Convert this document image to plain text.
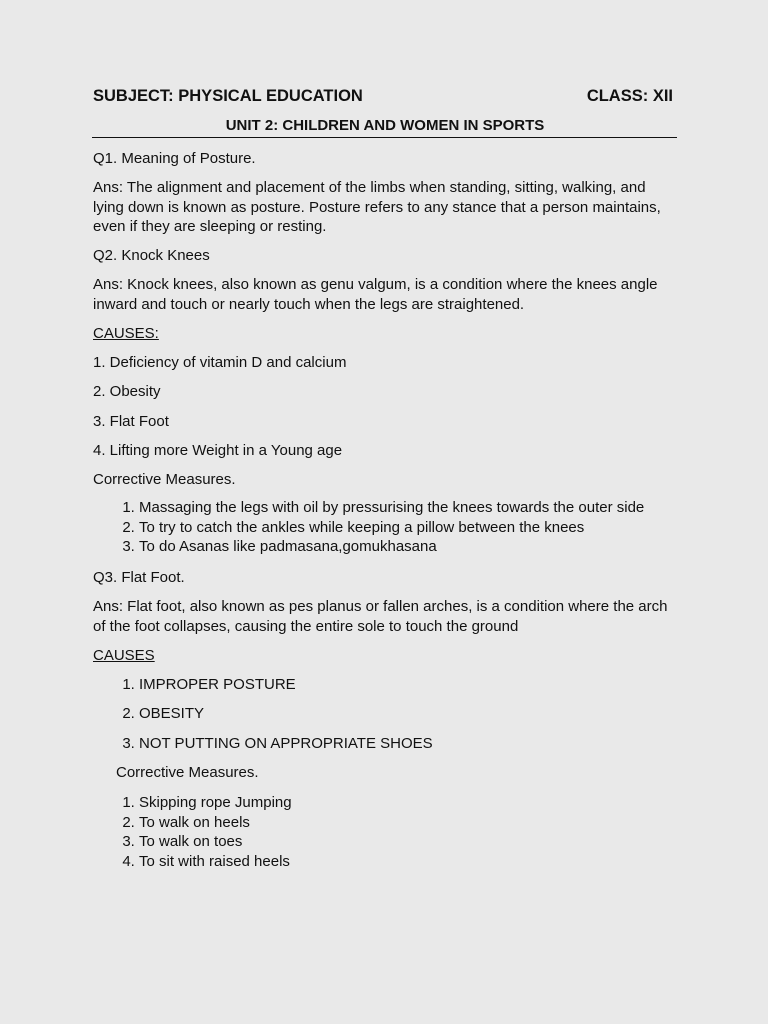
SUBJECT: PHYSICAL EDUCATION	CLASS: XII
UNIT 2: CHILDREN AND WOMEN IN SPORTS

Q1. Meaning of Posture.

Ans: The alignment and placement of the limbs when standing, sitting, walking, and lying down is known as posture. Posture refers to any stance that a person maintains, even if they are sleeping or resting.

Q2. Knock Knees

Ans: Knock knees, also known as genu valgum, is a condition where the knees angle inward and touch or nearly touch when the legs are straightened.

CAUSES:

1. Deficiency of vitamin D and calcium

2. Obesity

3. Flat Foot

4. Lifting more Weight in a Young age

Corrective Measures.

1. Massaging the legs with oil by pressurising the knees towards the outer side
2. To try to catch the ankles while keeping a pillow between the knees
3. To do Asanas like padmasana,gomukhasana

Q3. Flat Foot.

Ans: Flat foot, also known as pes planus or fallen arches, is a condition where the arch of the foot collapses, causing the entire sole to touch the ground

CAUSES

1. IMPROPER POSTURE
2. OBESITY
3. NOT PUTTING ON APPROPRIATE SHOES

Corrective Measures.

1. Skipping rope Jumping
2. To walk on heels
3. To walk on toes
4. To sit with raised heels
